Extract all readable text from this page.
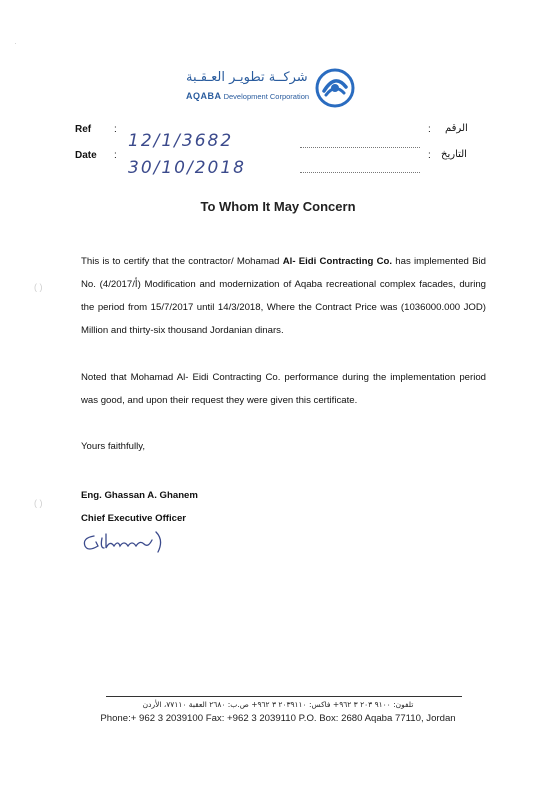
·
( )
( )
شركــة تطويـر العـقـبة
AQABA Development Corporation
Ref :
12/1/3682
: الرقم
Date :
30/10/2018
: التاريخ
To Whom It May Concern

This is to certify that the contractor/ Mohamad Al- Eidi Contracting Co. has implemented Bid No. (4/أ/2017) Modification and modernization of Aqaba recreational complex facades, during the period from 15/7/2017 until 14/3/2018, Where the Contract Price was (1036000.000 JOD) Million and thirty-six thousand Jordanian dinars.

Noted that Mohamad Al- Eidi Contracting Co. performance during the implementation period was good, and upon their request they were given this certificate.

Yours faithfully,
Eng. Ghassan A. Ghanem
Chief Executive Officer
تلفون: ٩١٠٠ ٢٠٣ ٣ ٩٦٢+ فاكس: ٢٠٣٩١١٠ ٣ ٩٦٢+ ص.ب: ٢٦٨٠ العقبة ٧٧١١٠، الأردن
Phone:+ 962 3 2039100 Fax: +962 3 2039110 P.O. Box: 2680 Aqaba 77110, Jordan
